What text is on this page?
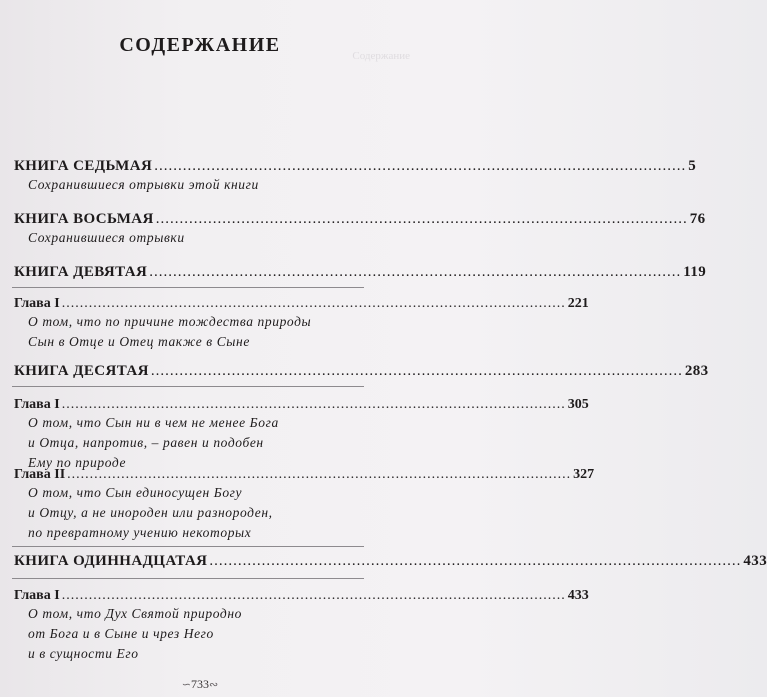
Содержание
СОДЕРЖАНИЕ
КНИГА СЕДЬМАЯ .....	5
Сохранившиеся отрывки этой книги
КНИГА ВОСЬМАЯ .....	76
Сохранившиеся отрывки
КНИГА ДЕВЯТАЯ .....	119
Глава I .....	221
О том, что по причине тождества природы
Сын в Отце и Отец также в Сыне
КНИГА ДЕСЯТАЯ .....	283
Глава I .....	305
О том, что Сын ни в чем не менее Бога
и Отца, напротив, – равен и подобен
Ему по природе
Глава II .....	327
О том, что Сын единосущен Богу
и Отцу, а не инороден или разнороден,
по превратному учению некоторых
КНИГА ОДИННАДЦАТАЯ .....	433
Глава I .....	433
О том, что Дух Святой природно
от Бога и в Сыне и чрез Него
и в сущности Его
∽733∾
